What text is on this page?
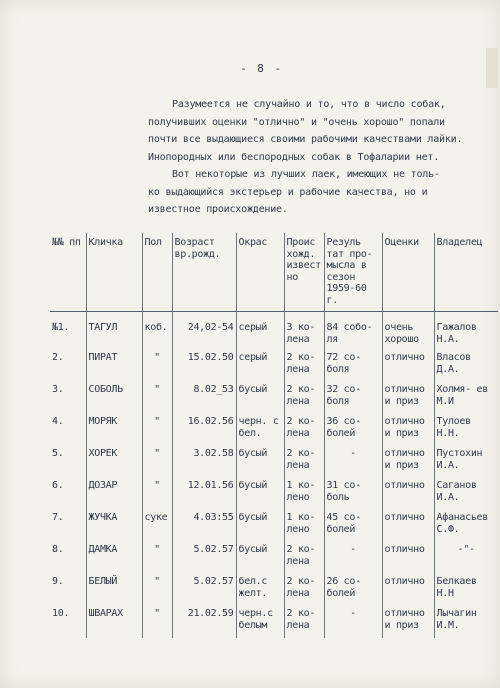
- 8 -
Разумеется не случайно и то, что в число собак,
получивших оценки "отлично" и "очень хорошо" попали
почти все выдающиеся своими рабочими качествами лайки.
Инопородных или беспородных собак в Тофаларии нет.
Вот некоторые из лучших лаек, имеющих не толь-
ко выдающийся экстерьер и рабочие качества, но и
известное происхождение.
№№ пп	Кличка	Пол	Возраст вр.рожд.	Окрас	Проис хожд. извест но	Резуль тат про- мысла в сезон 1959-60 г.	Оценки	Владелец
№1.	ТАГУЛ	коб.	24,02-54	серый	3 ко- лена	84 собо- ля	очень хорошо	Гажалов Н.А.
2.	ПИРАТ	"	15.02.50	серый	2 ко- лена	72 со- боля	отлично	Власов Д.А.
3.	СОБОЛЬ	"	8.02_53	бусый	2 ко- лена	32 со- боля	отлично и приз	Холмя- ев М.И
4.	МОРЯК	"	16.02.56	черн. с бел.	2 ко- лена	36 со- болей	отлично и приз	Тулоев Н.Н.
5.	ХОРЕК	"	3.02.58	бусый	2 ко- лена	-	отлично и приз	Пустохин И.А.
6.	ДОЗАР	"	12.01.56	бусый	1 ко- лено	31 со- боль	отлично	Саганов И.А.
7.	ЖУЧКА	суке	4.03:55	бусый	1 ко- лено	45 со- болей	отлично	Афанасьев С.Ф.
8.	ДАМКА	"	5.02.57	бусый	2 ко- лена	-	отлично	-"-
9.	БЕЛЫЙ	"	5.02.57	бел.с желт.	2 ко- лена	26 со- болей	отлично	Белкаев Н.Н
10.	ШВАРАХ	"	21.02.59	черн.с белым	2 ко- лена	-	отлично и приз	Лычагин И.М.
